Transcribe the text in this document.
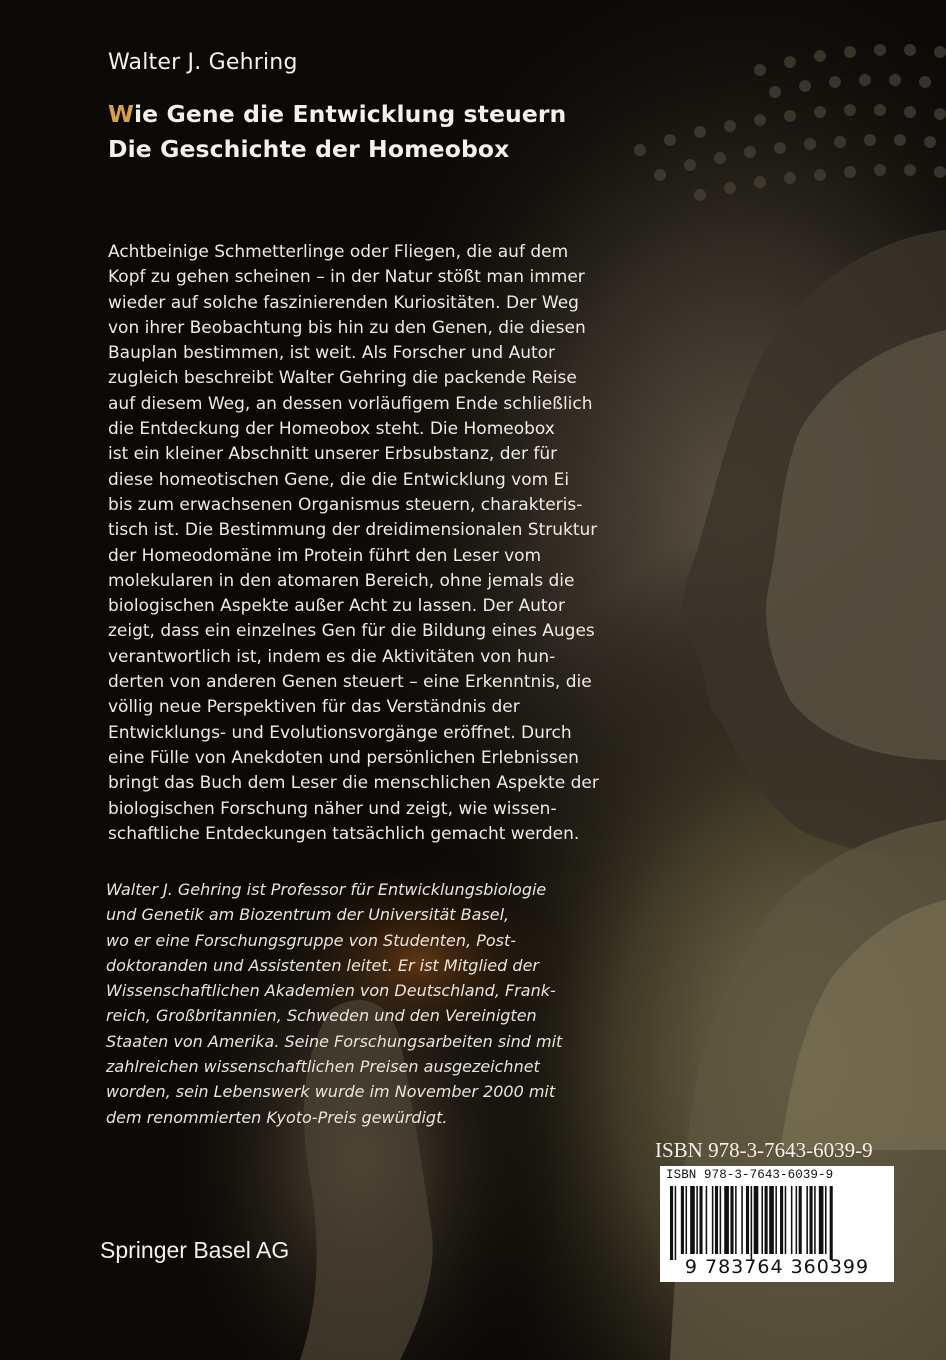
Walter J. Gehring
Wie Gene die Entwicklung steuern
Die Geschichte der Homeobox
Achtbeinige Schmetterlinge oder Fliegen, die auf dem
Kopf zu gehen scheinen – in der Natur stößt man immer
wieder auf solche faszinierenden Kuriositäten. Der Weg
von ihrer Beobachtung bis hin zu den Genen, die diesen
Bauplan bestimmen, ist weit. Als Forscher und Autor
zugleich beschreibt Walter Gehring die packende Reise
auf diesem Weg, an dessen vorläufigem Ende schließlich
die Entdeckung der Homeobox steht. Die Homeobox
ist ein kleiner Abschnitt unserer Erbsubstanz, der für
diese homeotischen Gene, die die Entwicklung vom Ei
bis zum erwachsenen Organismus steuern, charakteris-
tisch ist. Die Bestimmung der dreidimensionalen Struktur
der Homeodomäne im Protein führt den Leser vom
molekularen in den atomaren Bereich, ohne jemals die
biologischen Aspekte außer Acht zu lassen. Der Autor
zeigt, dass ein einzelnes Gen für die Bildung eines Auges
verantwortlich ist, indem es die Aktivitäten von hun-
derten von anderen Genen steuert – eine Erkenntnis, die
völlig neue Perspektiven für das Verständnis der
Entwicklungs- und Evolutionsvorgänge eröffnet. Durch
eine Fülle von Anekdoten und persönlichen Erlebnissen
bringt das Buch dem Leser die menschlichen Aspekte der
biologischen Forschung näher und zeigt, wie wissen-
schaftliche Entdeckungen tatsächlich gemacht werden.
Walter J. Gehring ist Professor für Entwicklungsbiologie
und Genetik am Biozentrum der Universität Basel,
wo er eine Forschungsgruppe von Studenten, Post-
doktoranden und Assistenten leitet. Er ist Mitglied der
Wissenschaftlichen Akademien von Deutschland, Frank-
reich, Großbritannien, Schweden und den Vereinigten
Staaten von Amerika. Seine Forschungsarbeiten sind mit
zahlreichen wissenschaftlichen Preisen ausgezeichnet
worden, sein Lebenswerk wurde im November 2000 mit
dem renommierten Kyoto-Preis gewürdigt.
ISBN 978-3-7643-6039-9
ISBN 978-3-7643-6039-9
9 783764 360399
Springer Basel AG
